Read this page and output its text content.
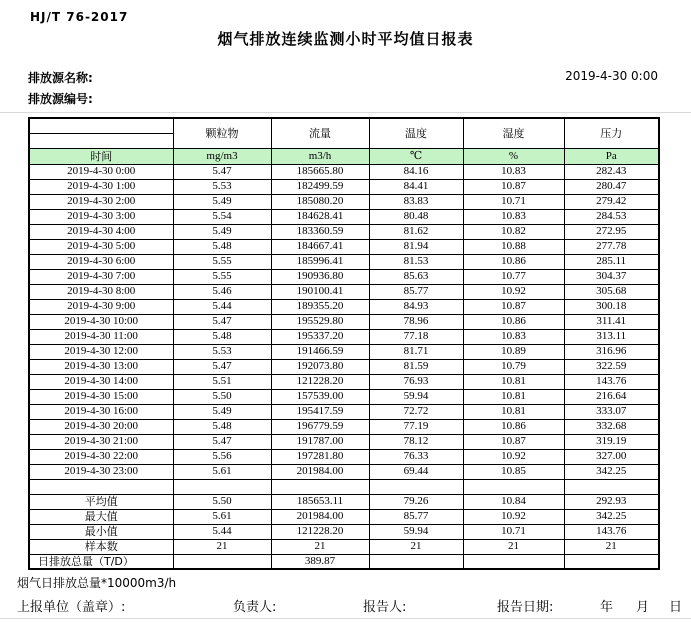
HJ/T 76-2017
烟气排放连续监测小时平均值日报表
排放源名称:
排放源编号:
2019-4-30 0:00
	颗粒物	流量	温度	湿度	压力

时间	mg/m3	m3/h	℃	%	Pa
2019-4-30 0:00	5.47	185665.80	84.16	10.83	282.43
2019-4-30 1:00	5.53	182499.59	84.41	10.87	280.47
2019-4-30 2:00	5.49	185080.20	83.83	10.71	279.42
2019-4-30 3:00	5.54	184628.41	80.48	10.83	284.53
2019-4-30 4:00	5.49	183360.59	81.62	10.82	272.95
2019-4-30 5:00	5.48	184667.41	81.94	10.88	277.78
2019-4-30 6:00	5.55	185996.41	81.53	10.86	285.11
2019-4-30 7:00	5.55	190936.80	85.63	10.77	304.37
2019-4-30 8:00	5.46	190100.41	85.77	10.92	305.68
2019-4-30 9:00	5.44	189355.20	84.93	10.87	300.18
2019-4-30 10:00	5.47	195529.80	78.96	10.86	311.41
2019-4-30 11:00	5.48	195337.20	77.18	10.83	313.11
2019-4-30 12:00	5.53	191466.59	81.71	10.89	316.96
2019-4-30 13:00	5.47	192073.80	81.59	10.79	322.59
2019-4-30 14:00	5.51	121228.20	76.93	10.81	143.76
2019-4-30 15:00	5.50	157539.00	59.94	10.81	216.64
2019-4-30 16:00	5.49	195417.59	72.72	10.81	333.07
2019-4-30 20:00	5.48	196779.59	77.19	10.86	332.68
2019-4-30 21:00	5.47	191787.00	78.12	10.87	319.19
2019-4-30 22:00	5.56	197281.80	76.33	10.92	327.00
2019-4-30 23:00	5.61	201984.00	69.44	10.85	342.25

平均值	5.50	185653.11	79.26	10.84	292.93
最大值	5.61	201984.00	85.77	10.92	342.25
最小值	5.44	121228.20	59.94	10.71	143.76
样本数	21	21	21	21	21
日排放总量（T/D）		389.87			
烟气日排放总量*10000m3/h
上报单位（盖章）:	负责人:	报告人:	报告日期:	年 月 日
